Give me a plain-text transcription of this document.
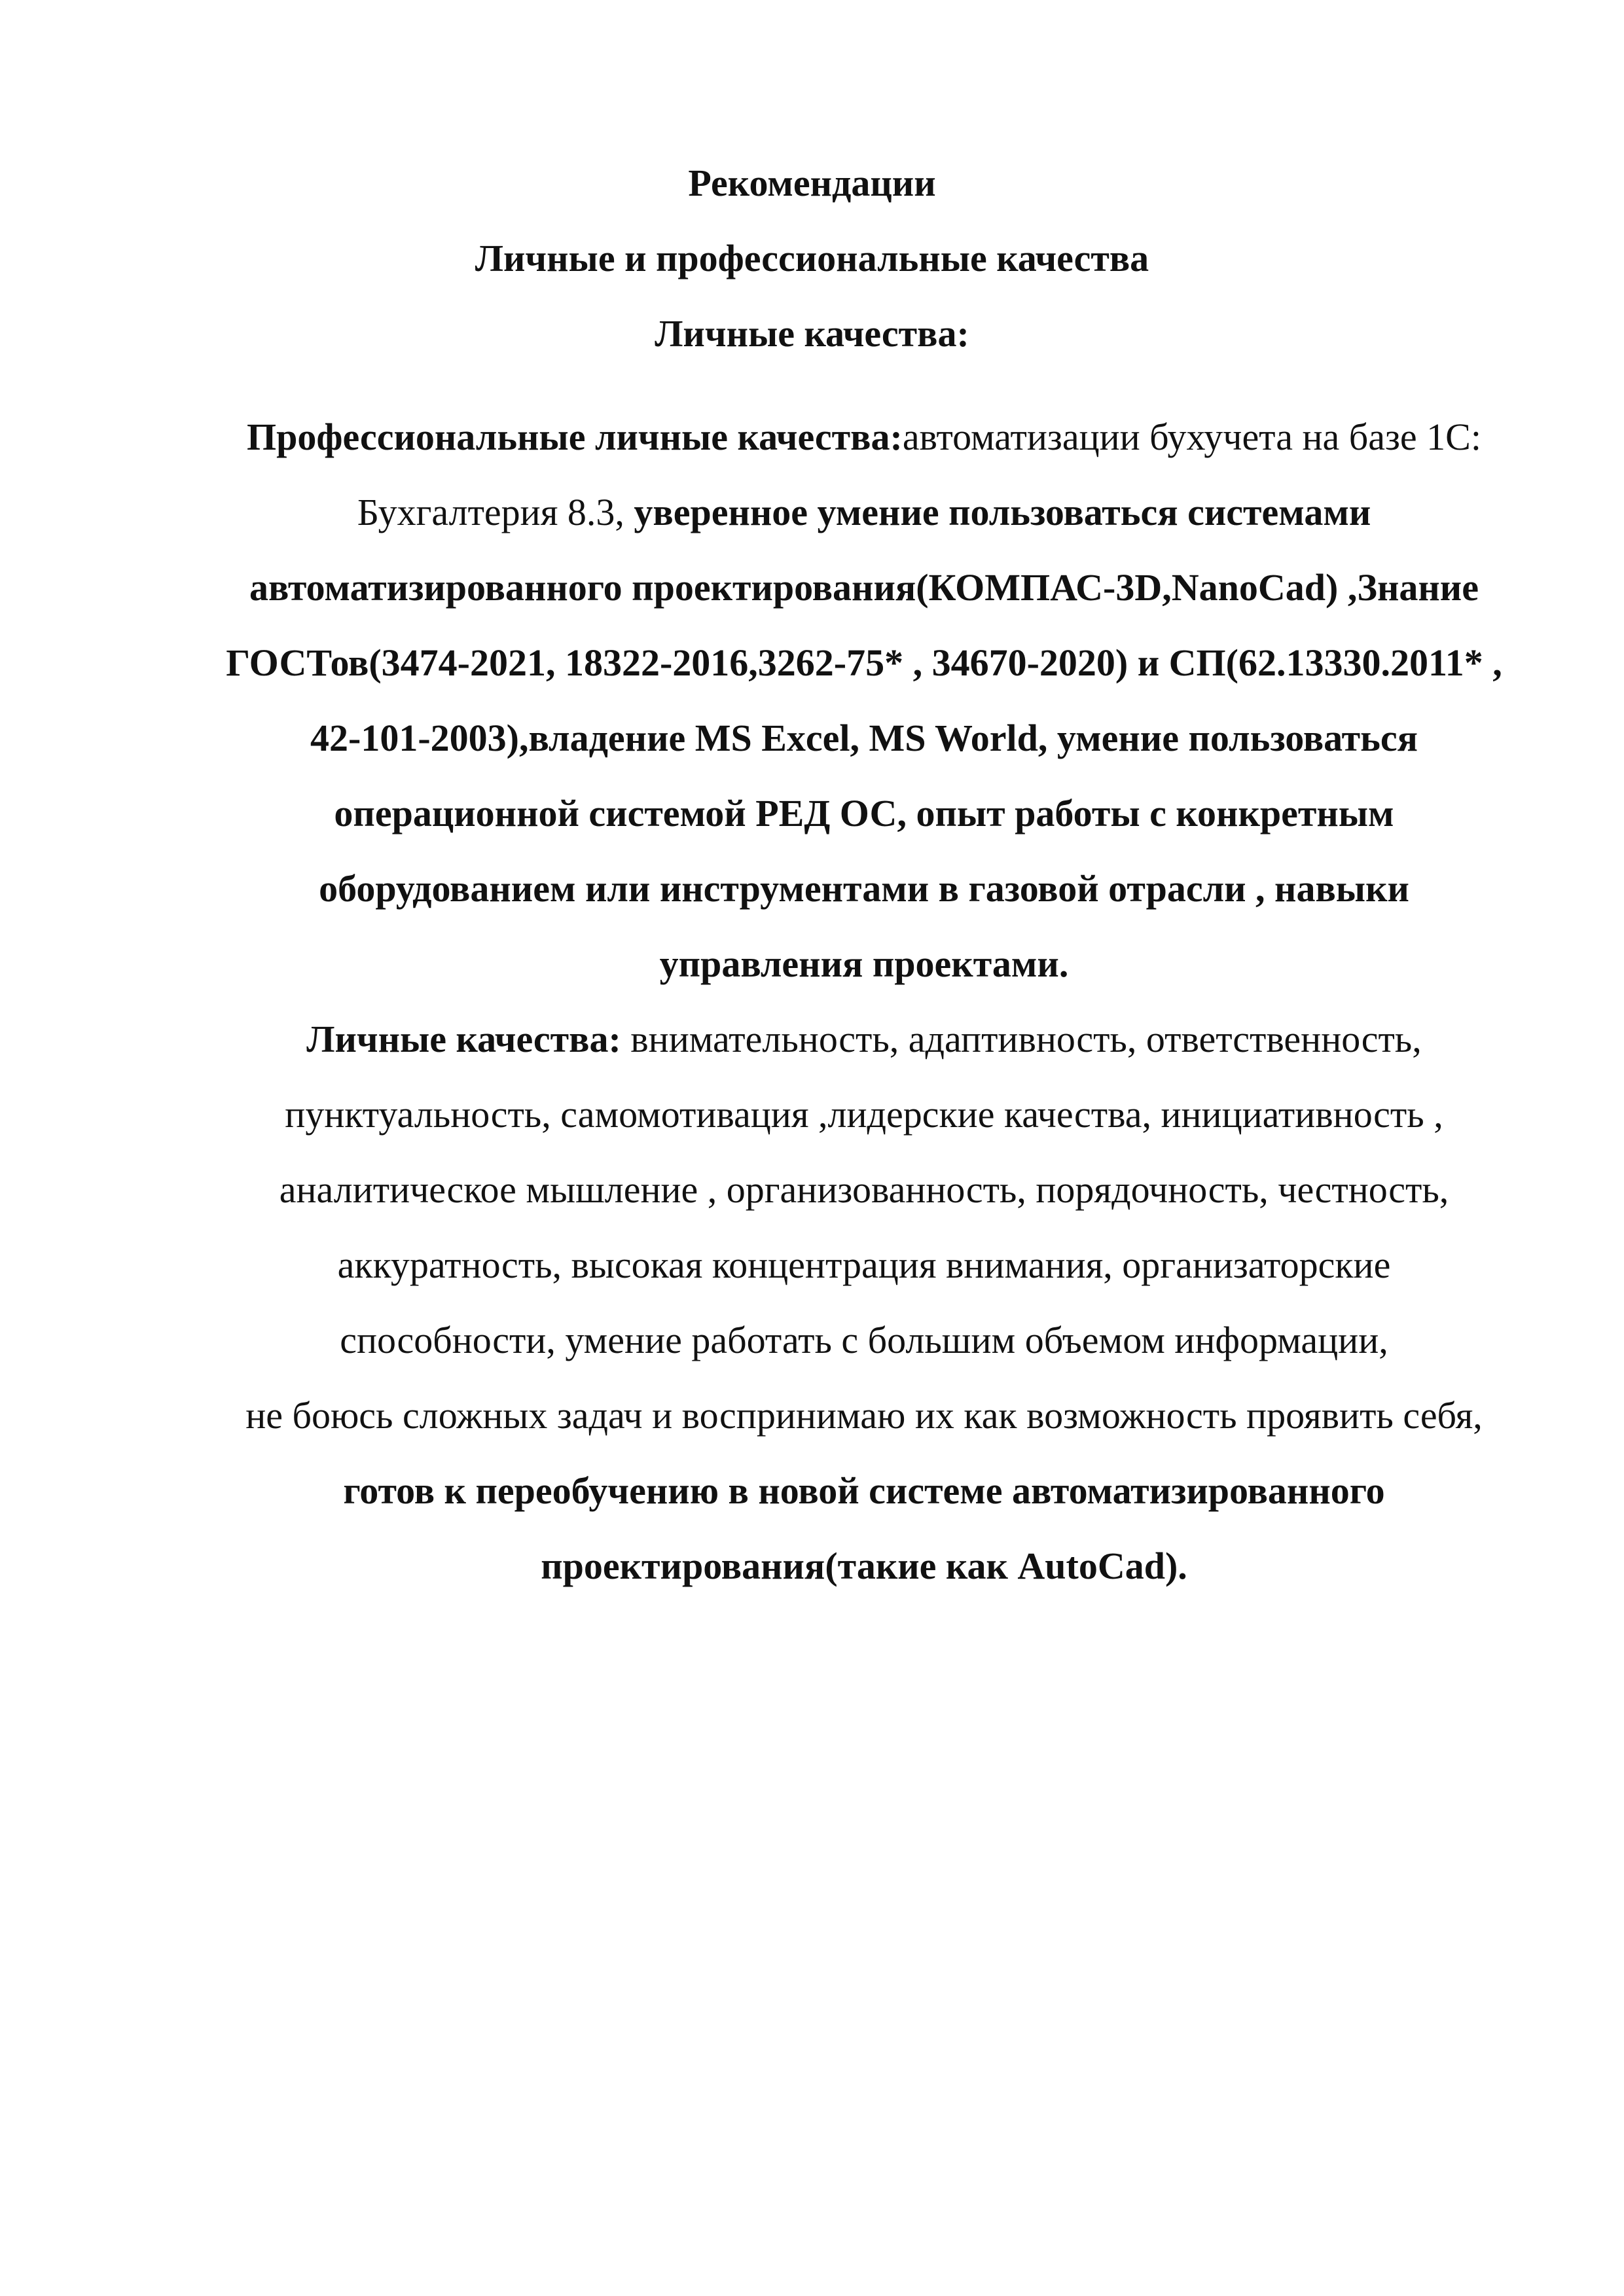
Рекомендации
Личные и профессиональные качества
Личные качества:

Профессиональные личные качества:автоматизации бухучета на базе 1С: Бухгалтерия 8.3, уверенное умение пользоваться системами автоматизированного проектирования(КОМПАС-3D,NanoCad) ,Знание ГОСТов(3474-2021, 18322-2016,3262-75* , 34670-2020) и СП(62.13330.2011* , 42-101-2003),владение MS Excel, MS World, умение пользоваться операционной системой РЕД ОС, опыт работы с конкретным оборудованием или инструментами в газовой отрасли , навыки управления проектами.

Личные качества: внимательность, адаптивность, ответственность, пунктуальность, самомотивация ,лидерские качества, инициативность , аналитическое мышление , организованность, порядочность, честность, аккуратность, высокая концентрация внимания, организаторские способности, умение работать с большим объемом информации,

не боюсь сложных задач и воспринимаю их как возможность проявить себя, готов к переобучению в новой системе автоматизированного проектирования(такие как AutoCad).
